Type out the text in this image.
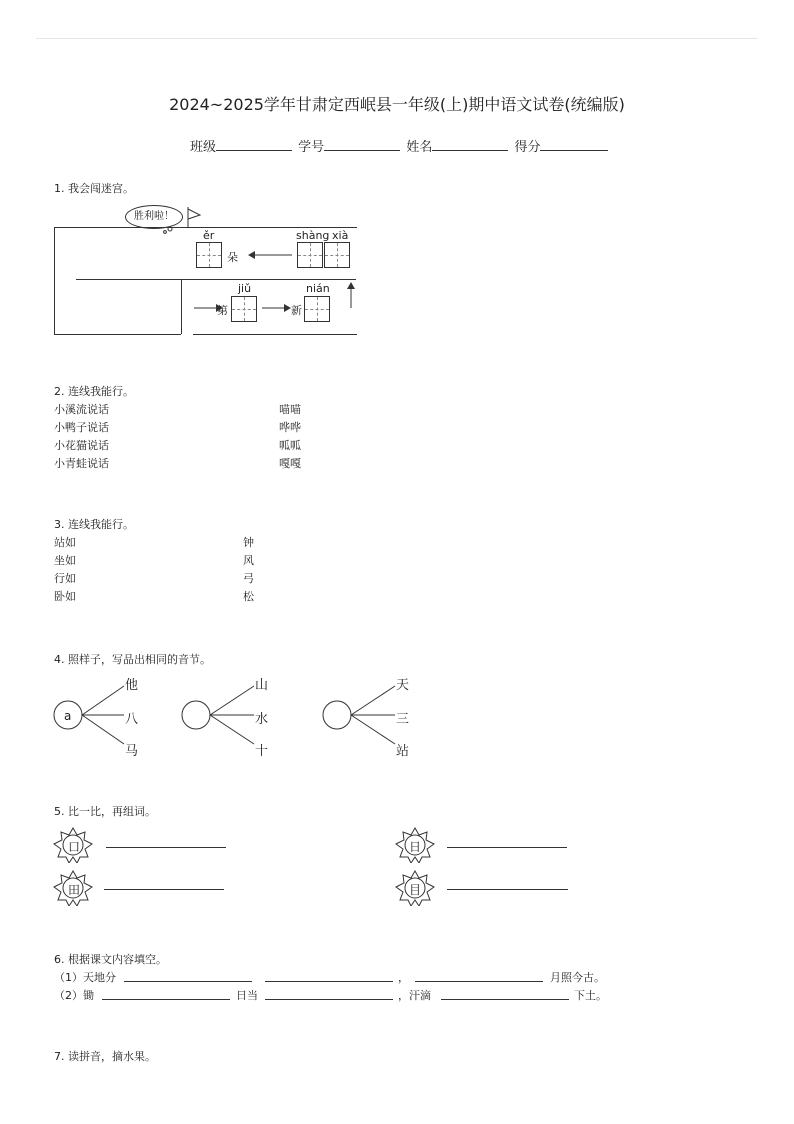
2024~2025学年甘肃定西岷县一年级(上)期中语文试卷(统编版)
班级	学号	姓名	得分
1. 我会闯迷宫。
胜利啦！
ěr
朵
shàng xià
第
jiǔ
新
nián
2. 连线我能行。
小溪流说话
小鸭子说话
小花猫说话
小青蛙说话
喵喵
哗哗
呱呱
嘎嘎
3. 连线我能行。
站如
坐如
行如
卧如
钟
风
弓
松
4. 照样子，写品出相同的音节。
a
他
八
马
山
水
十
天
三
站
5. 比一比，再组词。
口	日
田	目
6. 根据课文内容填空。
（1）天地分	，	月照今古。
（2）锄	日当	，汗滴	下土。
7. 读拼音，摘水果。
